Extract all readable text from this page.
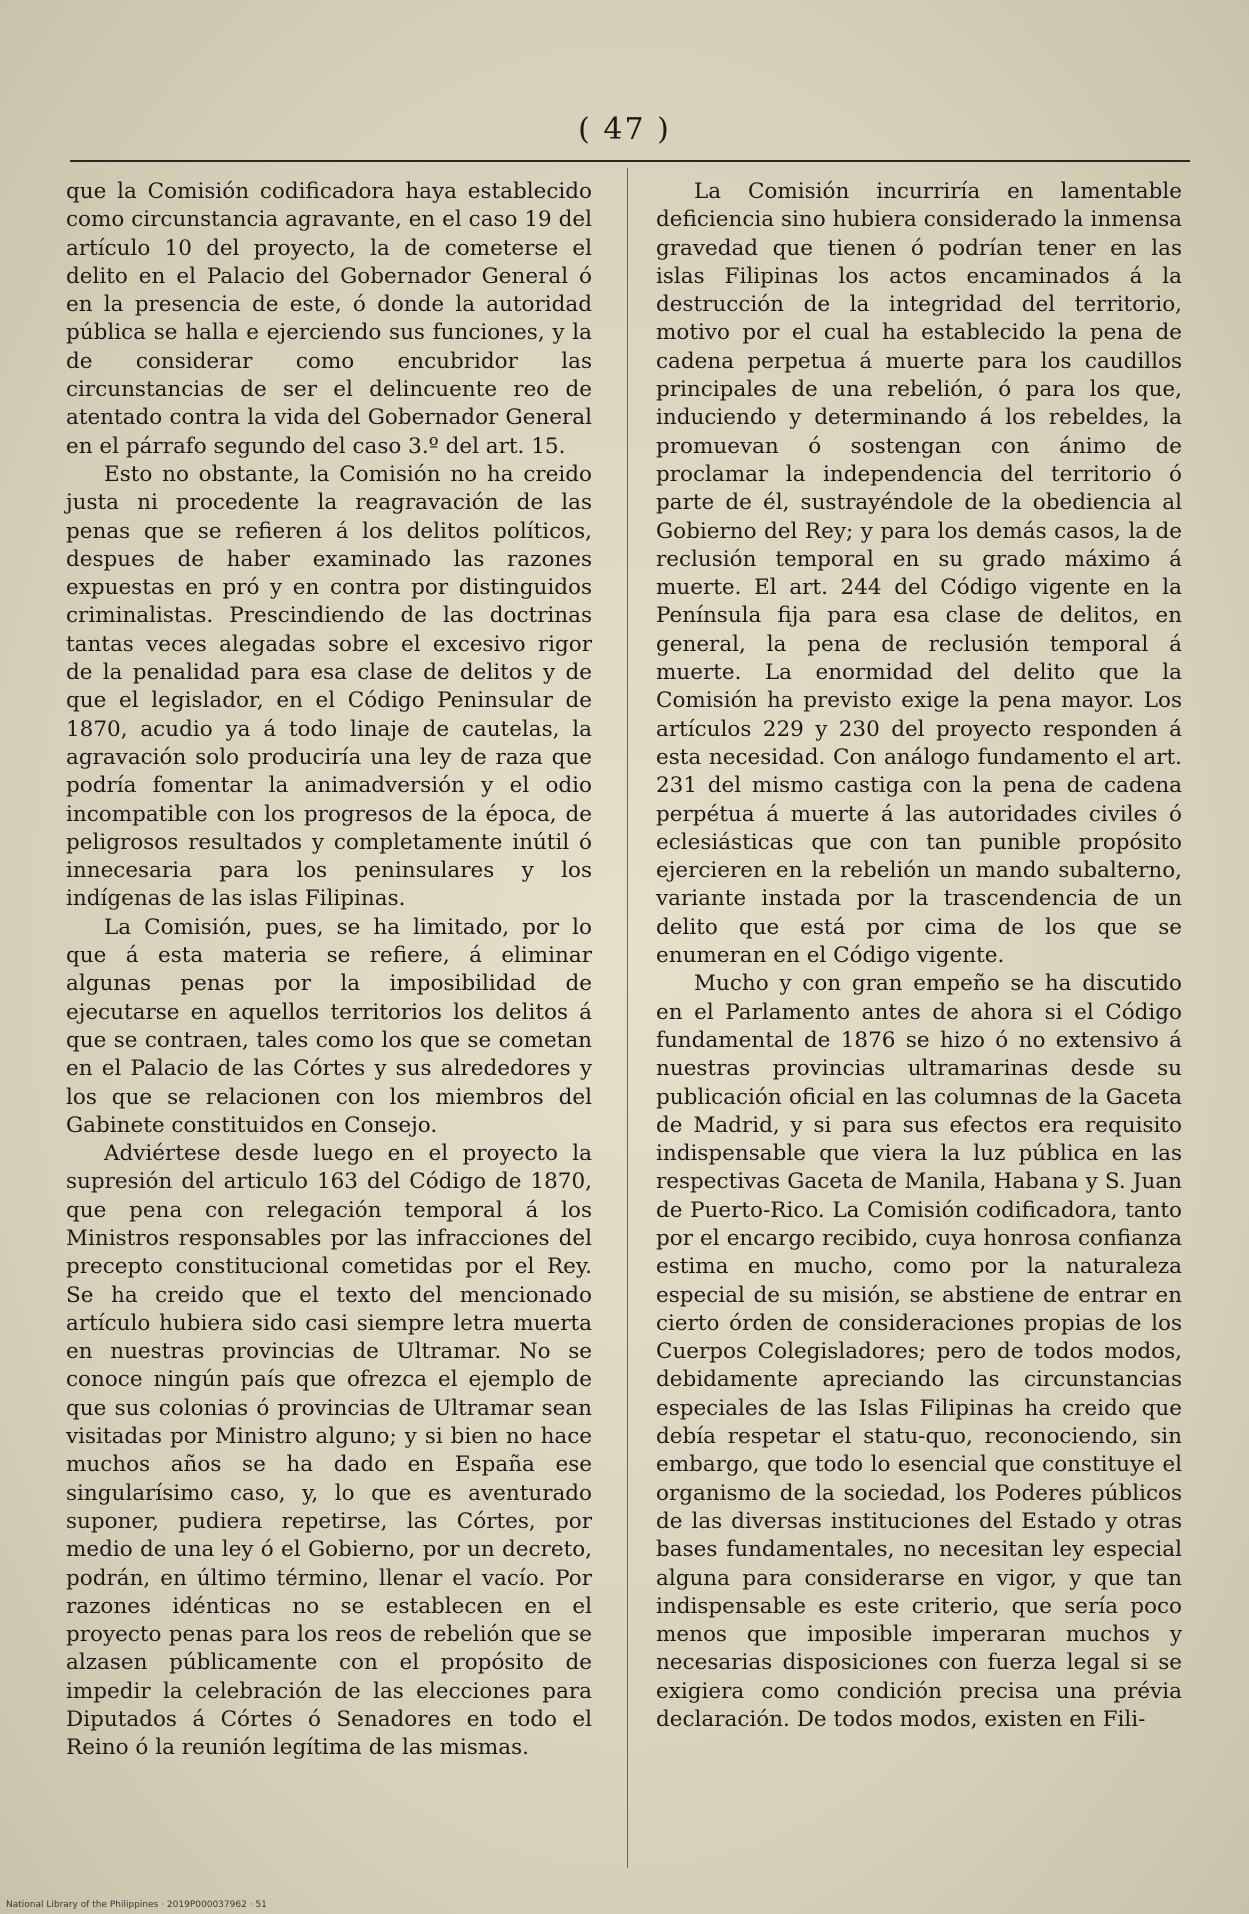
( 47 )

que la Comisión codificadora haya establecido como circunstancia agravante, en el caso 19 del artículo 10 del proyecto, la de cometerse el delito en el Palacio del Gobernador General ó en la presencia de este, ó donde la autoridad pública se halla e ejerciendo sus funciones, y la de considerar como encubridor las circunstancias de ser el delincuente reo de atentado contra la vida del Gobernador General en el párrafo segundo del caso 3.º del art. 15.

Esto no obstante, la Comisión no ha creido justa ni procedente la reagravación de las penas que se refieren á los delitos políticos, despues de haber examinado las razones expuestas en pró y en contra por distinguidos criminalistas. Prescindiendo de las doctrinas tantas veces alegadas sobre el excesivo rigor de la penalidad para esa clase de delitos y de que el legislador, en el Código Peninsular de 1870, acudio ya á todo linaje de cautelas, la agravación solo produciría una ley de raza que podría fomentar la animadversión y el odio incompatible con los progresos de la época, de peligrosos resultados y completamente inútil ó innecesaria para los peninsulares y los indígenas de las islas Filipinas.

La Comisión, pues, se ha limitado, por lo que á esta materia se refiere, á eliminar algunas penas por la imposibilidad de ejecutarse en aquellos territorios los delitos á que se contraen, tales como los que se cometan en el Palacio de las Córtes y sus alrededores y los que se relacionen con los miembros del Gabinete constituidos en Consejo.

Adviértese desde luego en el proyecto la supresión del articulo 163 del Código de 1870, que pena con relegación temporal á los Ministros responsables por las infracciones del precepto constitucional cometidas por el Rey. Se ha creido que el texto del mencionado artículo hubiera sido casi siempre letra muerta en nuestras provincias de Ultramar. No se conoce ningún país que ofrezca el ejemplo de que sus colonias ó provincias de Ultramar sean visitadas por Ministro alguno; y si bien no hace muchos años se ha dado en España ese singularísimo caso, y, lo que es aventurado suponer, pudiera repetirse, las Córtes, por medio de una ley ó el Gobierno, por un decreto, podrán, en último término, llenar el vacío. Por razones idénticas no se establecen en el proyecto penas para los reos de rebelión que se alzasen públicamente con el propósito de impedir la celebración de las elecciones para Diputados á Córtes ó Senadores en todo el Reino ó la reunión legítima de las mismas.

La Comisión incurriría en lamentable deficiencia sino hubiera considerado la inmensa gravedad que tienen ó podrían tener en las islas Filipinas los actos encaminados á la destrucción de la integridad del territorio, motivo por el cual ha establecido la pena de cadena perpetua á muerte para los caudillos principales de una rebelión, ó para los que, induciendo y determinando á los rebeldes, la promuevan ó sostengan con ánimo de proclamar la independencia del territorio ó parte de él, sustrayéndole de la obediencia al Gobierno del Rey; y para los demás casos, la de reclusión temporal en su grado máximo á muerte. El art. 244 del Código vigente en la Península fija para esa clase de delitos, en general, la pena de reclusión temporal á muerte. La enormidad del delito que la Comisión ha previsto exige la pena mayor. Los artículos 229 y 230 del proyecto responden á esta necesidad. Con análogo fundamento el art. 231 del mismo castiga con la pena de cadena perpétua á muerte á las autoridades civiles ó eclesiásticas que con tan punible propósito ejercieren en la rebelión un mando subalterno, variante instada por la trascendencia de un delito que está por cima de los que se enumeran en el Código vigente.

Mucho y con gran empeño se ha discutido en el Parlamento antes de ahora si el Código fundamental de 1876 se hizo ó no extensivo á nuestras provincias ultramarinas desde su publicación oficial en las columnas de la Gaceta de Madrid, y si para sus efectos era requisito indispensable que viera la luz pública en las respectivas Gaceta de Manila, Habana y S. Juan de Puerto-Rico. La Comisión codificadora, tanto por el encargo recibido, cuya honrosa confianza estima en mucho, como por la naturaleza especial de su misión, se abstiene de entrar en cierto órden de consideraciones propias de los Cuerpos Colegisladores; pero de todos modos, debidamente apreciando las circunstancias especiales de las Islas Filipinas ha creido que debía respetar el statu-quo, reconociendo, sin embargo, que todo lo esencial que constituye el organismo de la sociedad, los Poderes públicos de las diversas instituciones del Estado y otras bases fundamentales, no necesitan ley especial alguna para considerarse en vigor, y que tan indispensable es este criterio, que sería poco menos que imposible imperaran muchos y necesarias disposiciones con fuerza legal si se exigiera como condición precisa una prévia declaración. De todos modos, existen en Fili-

National Library of the Philippines · 2019P000037962 · 51
